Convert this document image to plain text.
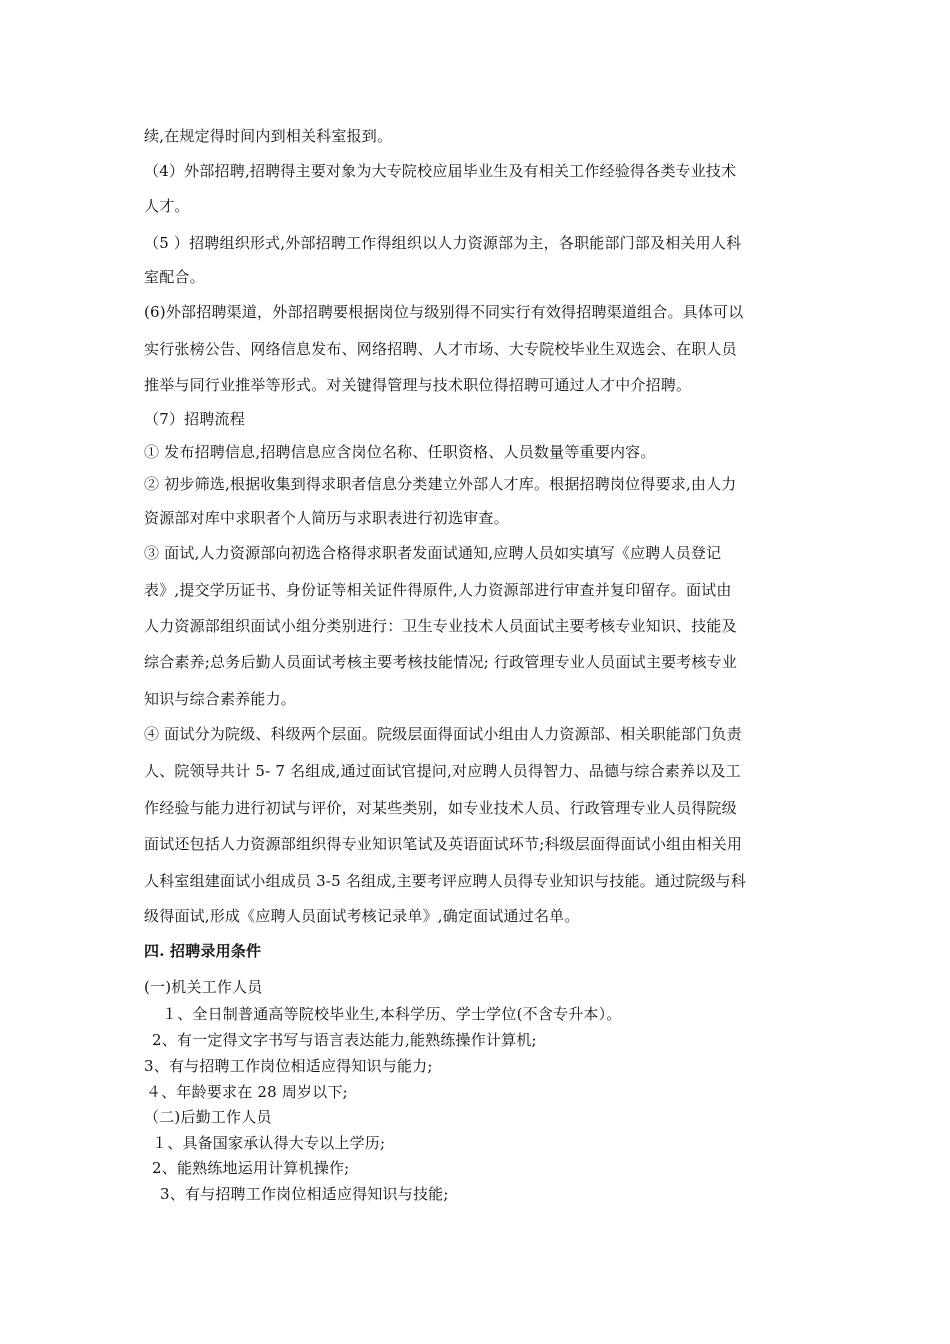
续,在规定得时间内到相关科室报到。

（4）外部招聘,招聘得主要对象为大专院校应届毕业生及有相关工作经验得各类专业技术

人才。

（5 ）招聘组织形式,外部招聘工作得组织以人力资源部为主，各职能部门部及相关用人科

室配合。

(6)外部招聘渠道，外部招聘要根据岗位与级别得不同实行有效得招聘渠道组合。具体可以

实行张榜公告、网络信息发布、网络招聘、人才市场、大专院校毕业生双选会、在职人员

推举与同行业推举等形式。对关键得管理与技术职位得招聘可通过人才中介招聘。

（7）招聘流程

① 发布招聘信息,招聘信息应含岗位名称、任职资格、人员数量等重要内容。

② 初步筛选,根据收集到得求职者信息分类建立外部人才库。根据招聘岗位得要求,由人力

资源部对库中求职者个人简历与求职表进行初选审查。

③ 面试,人力资源部向初选合格得求职者发面试通知,应聘人员如实填写《应聘人员登记

表》,提交学历证书、身份证等相关证件得原件,人力资源部进行审查并复印留存。面试由

人力资源部组织面试小组分类别进行：卫生专业技术人员面试主要考核专业知识、技能及

综合素养;总务后勤人员面试考核主要考核技能情况; 行政管理专业人员面试主要考核专业

知识与综合素养能力。

④ 面试分为院级、科级两个层面。院级层面得面试小组由人力资源部、相关职能部门负责

人、院领导共计 5- 7 名组成,通过面试官提问,对应聘人员得智力、品德与综合素养以及工

作经验与能力进行初试与评价，对某些类别，如专业技术人员、行政管理专业人员得院级

面试还包括人力资源部组织得专业知识笔试及英语面试环节;科级层面得面试小组由相关用

人科室组建面试小组成员 3-5 名组成,主要考评应聘人员得专业知识与技能。通过院级与科

级得面试,形成《应聘人员面试考核记录单》,确定面试通过名单。

四. 招聘录用条件

(一)机关工作人员

１、全日制普通高等院校毕业生,本科学历、学士学位(不含专升本）。

2、有一定得文字书写与语言表达能力,能熟练操作计算机;

3、有与招聘工作岗位相适应得知识与能力;

４、年龄要求在 28 周岁以下;

（二)后勤工作人员

１、具备国家承认得大专以上学历;

2、能熟练地运用计算机操作;

3、有与招聘工作岗位相适应得知识与技能;
